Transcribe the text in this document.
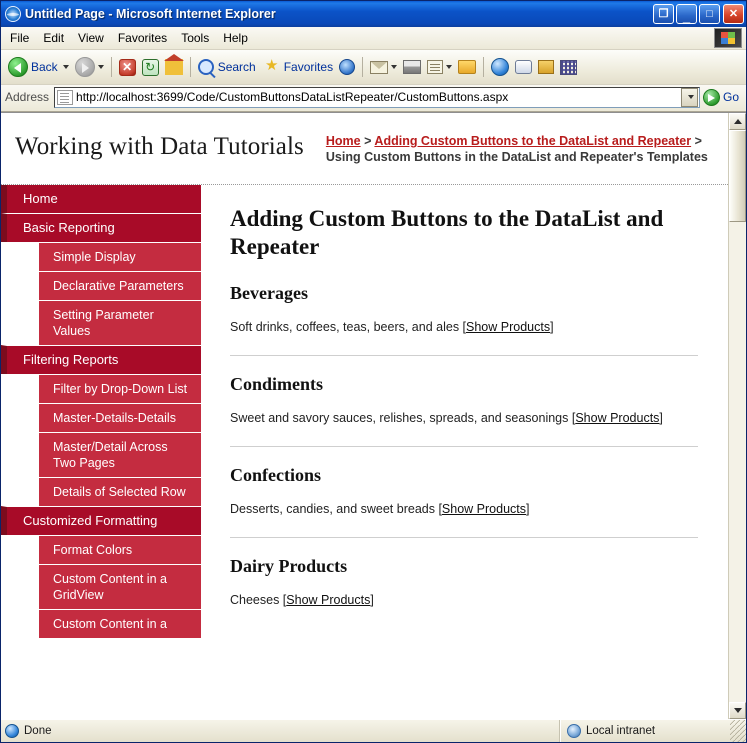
Untitled Page - Microsoft Internet Explorer	❐ _ □ ✕
File	Edit	View	Favorites	Tools	Help
Back	✕ ↻	Search ★ Favorites
Address	http://localhost:3699/Code/CustomButtonsDataListRepeater/CustomButtons.aspx	Go
Working with Data Tutorials	Home > Adding Custom Buttons to the DataList and Repeater > Using Custom Buttons in the DataList and Repeater's Templates
Home
Basic Reporting
Simple Display
Declarative Parameters
Setting Parameter Values
Filtering Reports
Filter by Drop-Down List
Master-Details-Details
Master/Detail Across Two Pages
Details of Selected Row
Customized Formatting
Format Colors
Custom Content in a GridView
Custom Content in a
Adding Custom Buttons to the DataList and Repeater
Beverages

Soft drinks, coffees, teas, beers, and ales [Show Products]

Condiments

Sweet and savory sauces, relishes, spreads, and seasonings [Show Products]

Confections

Desserts, candies, and sweet breads [Show Products]

Dairy Products

Cheeses [Show Products]

Done	Local intranet
